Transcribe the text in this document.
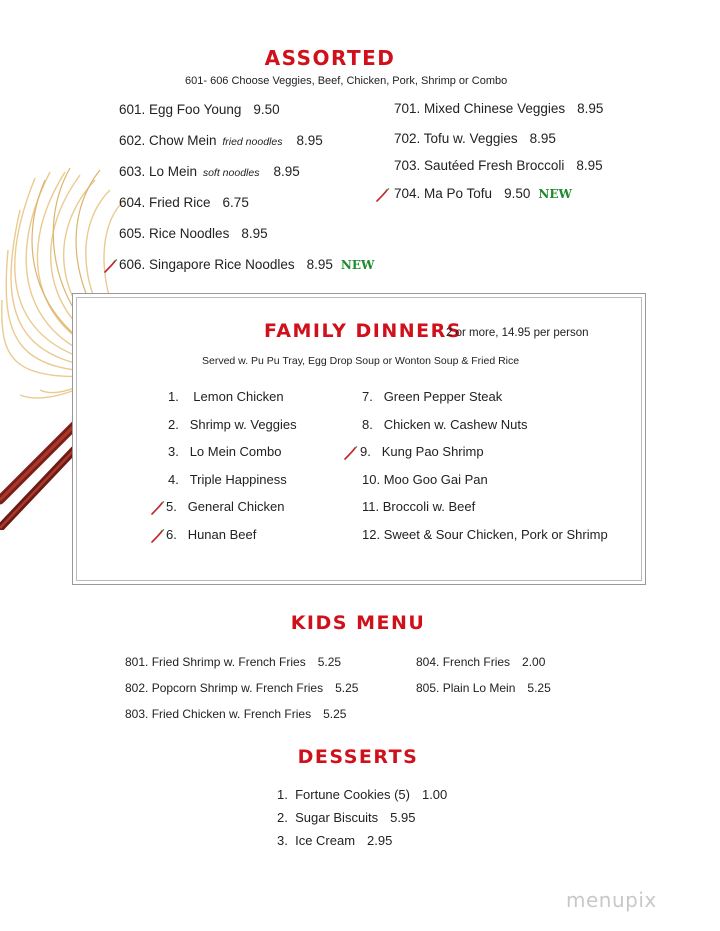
ASSORTED
601- 606 Choose Veggies, Beef, Chicken, Pork, Shrimp or Combo
601. Egg Foo Young 9.50
602. Chow Mein fried noodles 8.95
603. Lo Mein soft noodles 8.95
604. Fried Rice 6.75
605. Rice Noodles 8.95
606. Singapore Rice Noodles 8.95 NEW
701. Mixed Chinese Veggies 8.95
702. Tofu w. Veggies 8.95
703. Sautéed Fresh Broccoli 8.95
704. Ma Po Tofu 9.50 NEW
FAMILY DINNERS
2 or more, 14.95 per person
Served w. Pu Pu Tray, Egg Drop Soup or Wonton Soup & Fried Rice
1. Lemon Chicken
2. Shrimp w. Veggies
3. Lo Mein Combo
4. Triple Happiness
5. General Chicken
6. Hunan Beef
7. Green Pepper Steak
8. Chicken w. Cashew Nuts
9. Kung Pao Shrimp
10. Moo Goo Gai Pan
11. Broccoli w. Beef
12. Sweet & Sour Chicken, Pork or Shrimp
KIDS MENU
801. Fried Shrimp w. French Fries 5.25
802. Popcorn Shrimp w. French Fries 5.25
803. Fried Chicken w. French Fries 5.25
804. French Fries 2.00
805. Plain Lo Mein 5.25
DESSERTS
1. Fortune Cookies (5) 1.00
2. Sugar Biscuits 5.95
3. Ice Cream 2.95
menupix
